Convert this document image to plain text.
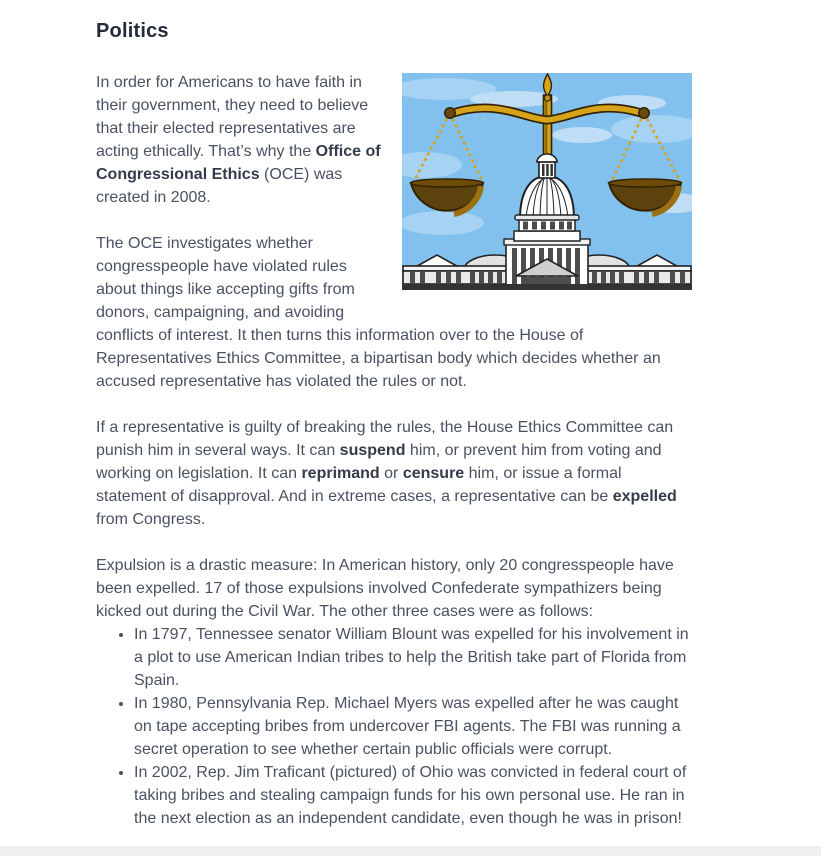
Politics

In order for Americans to have faith in their government, they need to believe that their elected representatives are acting ethically. That’s why the Office of Congressional Ethics (OCE) was created in 2008.

The OCE investigates whether congresspeople have violated rules about things like accepting gifts from donors, campaigning, and avoiding conflicts of interest. It then turns this information over to the House of Representatives Ethics Committee, a bipartisan body which decides whether an accused representative has violated the rules or not.

If a representative is guilty of breaking the rules, the House Ethics Committee can punish him in several ways. It can suspend him, or prevent him from voting and working on legislation. It can reprimand or censure him, or issue a formal statement of disapproval. And in extreme cases, a representative can be expelled from Congress.

Expulsion is a drastic measure: In American history, only 20 congresspeople have been expelled. 17 of those expulsions involved Confederate sympathizers being kicked out during the Civil War. The other three cases were as follows:

• In 1797, Tennessee senator William Blount was expelled for his involvement in a plot to use American Indian tribes to help the British take part of Florida from Spain.
• In 1980, Pennsylvania Rep. Michael Myers was expelled after he was caught on tape accepting bribes from undercover FBI agents. The FBI was running a secret operation to see whether certain public officials were corrupt.
• In 2002, Rep. Jim Traficant (pictured) of Ohio was convicted in federal court of taking bribes and stealing campaign funds for his own personal use. He ran in the next election as an independent candidate, even though he was in prison!
